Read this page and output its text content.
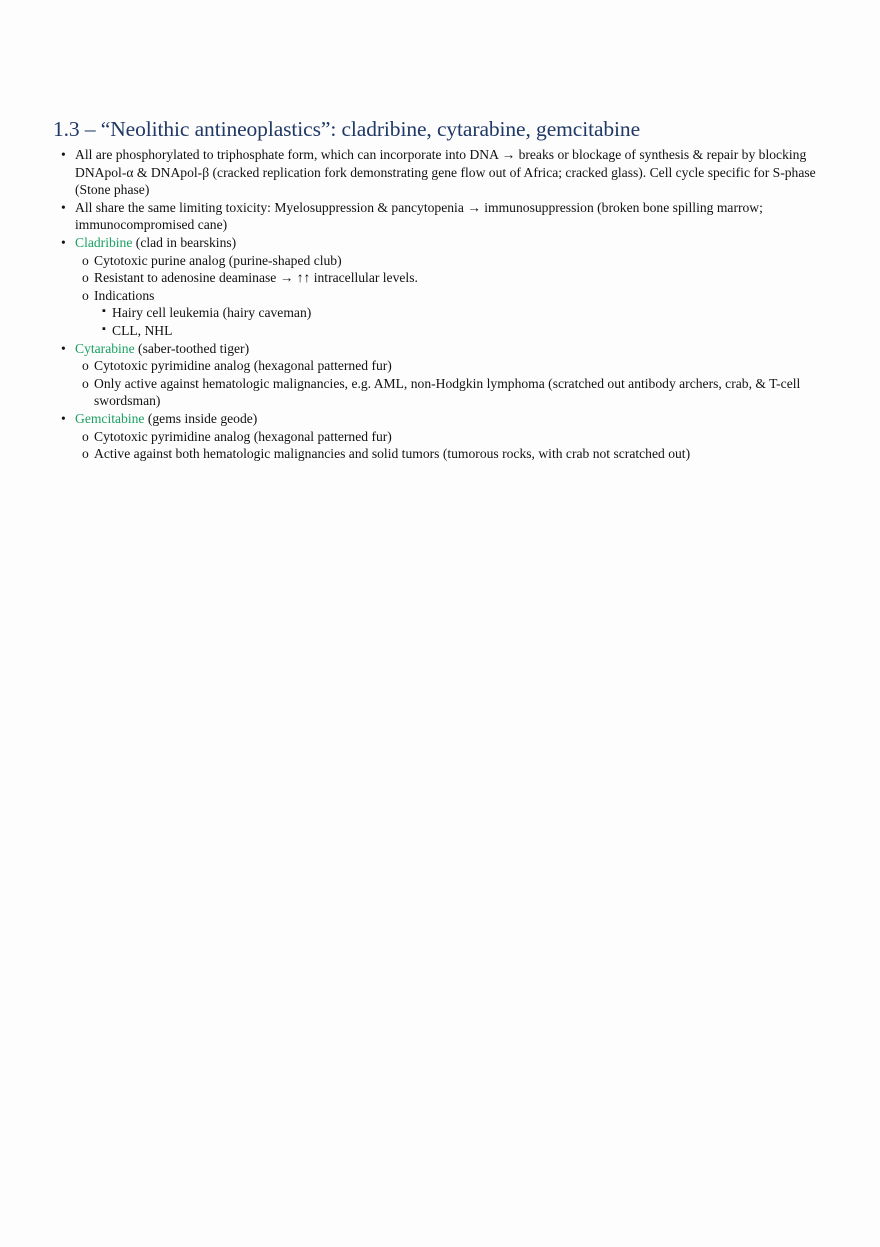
1.3 – “Neolithic antineoplastics”: cladribine, cytarabine, gemcitabine
• All are phosphorylated to triphosphate form, which can incorporate into DNA → breaks or blockage of synthesis & repair by blocking DNApol-α & DNApol-β (cracked replication fork demonstrating gene flow out of Africa; cracked glass). Cell cycle specific for S-phase (Stone phase)
• All share the same limiting toxicity: Myelosuppression & pancytopenia → immunosuppression (broken bone spilling marrow; immunocompromised cane)
• Cladribine (clad in bearskins)
o Cytotoxic purine analog (purine-shaped club)
o Resistant to adenosine deaminase → ↑↑ intracellular levels.
o Indications
▪ Hairy cell leukemia (hairy caveman)
▪ CLL, NHL
• Cytarabine (saber-toothed tiger)
o Cytotoxic pyrimidine analog (hexagonal patterned fur)
o Only active against hematologic malignancies, e.g. AML, non-Hodgkin lymphoma (scratched out antibody archers, crab, & T-cell swordsman)
• Gemcitabine (gems inside geode)
o Cytotoxic pyrimidine analog (hexagonal patterned fur)
o Active against both hematologic malignancies and solid tumors (tumorous rocks, with crab not scratched out)
